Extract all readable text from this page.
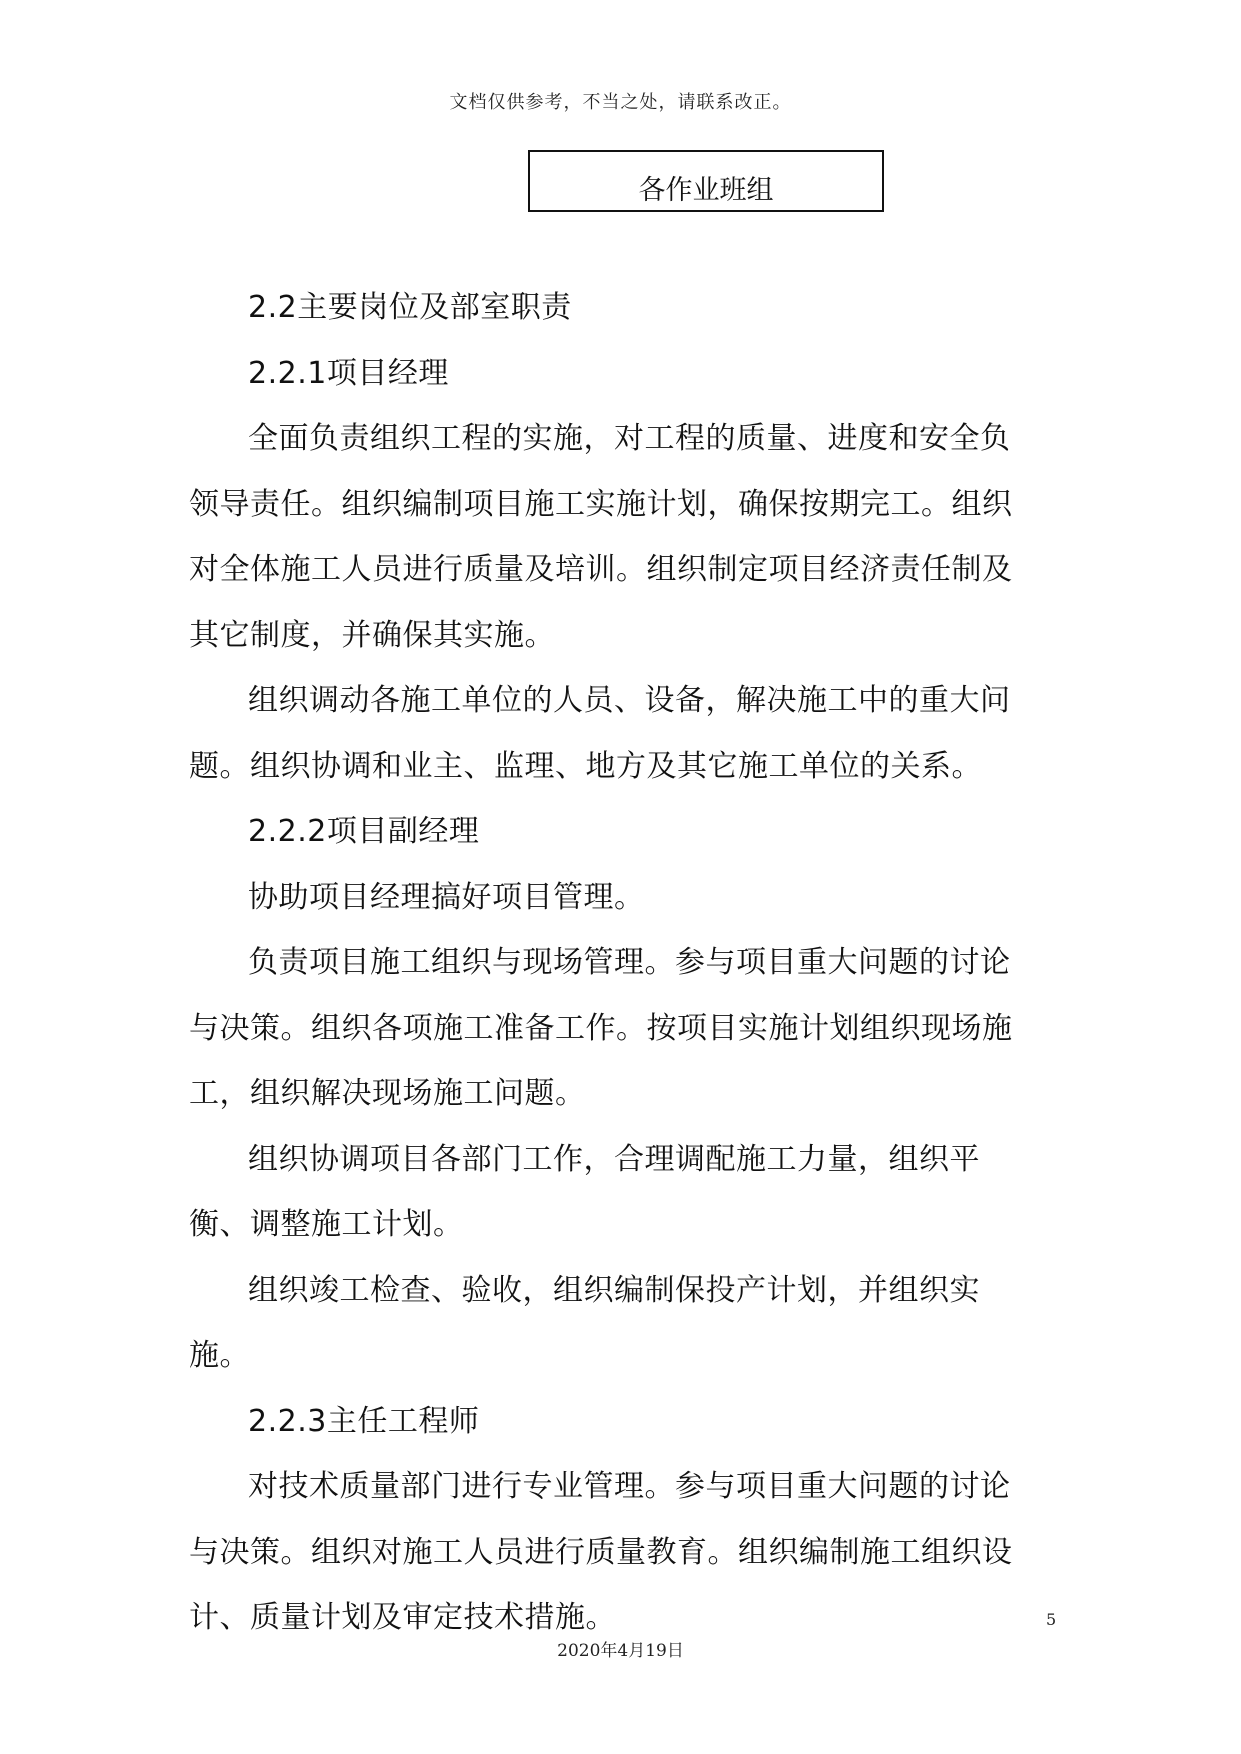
文档仅供参考，不当之处，请联系改正。
各作业班组

2.2主要岗位及部室职责

2.2.1项目经理

全面负责组织工程的实施，对工程的质量、进度和安全负领导责任。组织编制项目施工实施计划，确保按期完工。组织对全体施工人员进行质量及培训。组织制定项目经济责任制及其它制度，并确保其实施。

组织调动各施工单位的人员、设备，解决施工中的重大问题。组织协调和业主、监理、地方及其它施工单位的关系。

2.2.2项目副经理

协助项目经理搞好项目管理。

负责项目施工组织与现场管理。参与项目重大问题的讨论与决策。组织各项施工准备工作。按项目实施计划组织现场施工，组织解决现场施工问题。

组织协调项目各部门工作，合理调配施工力量，组织平衡、调整施工计划。

组织竣工检查、验收，组织编制保投产计划，并组织实施。

2.2.3主任工程师

对技术质量部门进行专业管理。参与项目重大问题的讨论与决策。组织对施工人员进行质量教育。组织编制施工组织设计、质量计划及审定技术措施。	5
2020年4月19日
